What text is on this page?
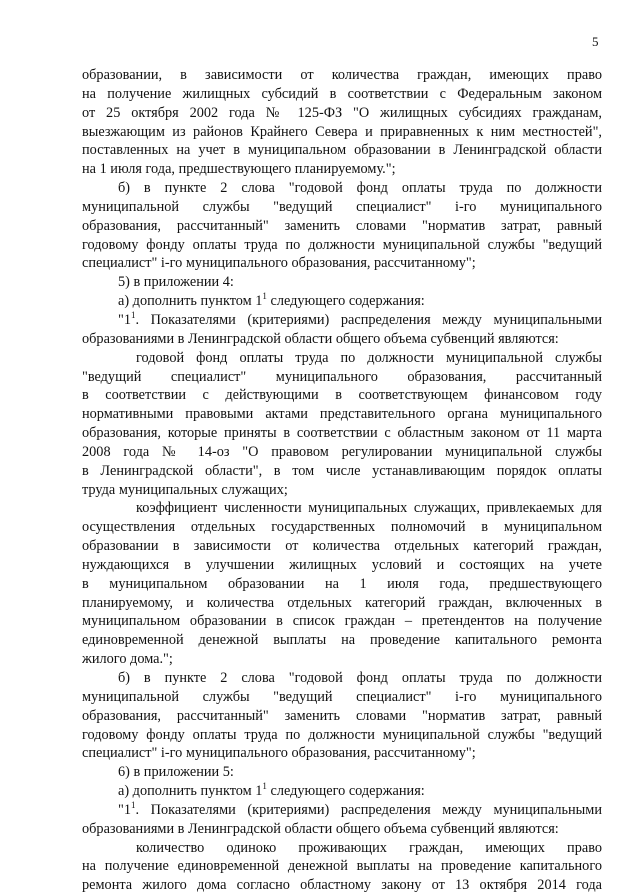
5
образовании, в зависимости от количества граждан, имеющих право
на получение жилищных субсидий в соответствии с Федеральным законом
от 25 октября 2002 года № 125-ФЗ "О жилищных субсидиях гражданам,
выезжающим из районов Крайнего Севера и приравненных к ним местностей",
поставленных на учет в муниципальном образовании в Ленинградской области
на 1 июля года, предшествующего планируемому.";
б) в пункте 2 слова "годовой фонд оплаты труда по должности
муниципальной службы "ведущий специалист" i-го муниципального
образования, рассчитанный" заменить словами "норматив затрат, равный
годовому фонду оплаты труда по должности муниципальной службы "ведущий
специалист" i-го муниципального образования, рассчитанному";
5) в приложении 4:
а) дополнить пунктом $1^1$ следующего содержания:
"$1^1$. Показателями (критериями) распределения между муниципальными
образованиями в Ленинградской области общего объема субвенций являются:
годовой фонд оплаты труда по должности муниципальной службы
"ведущий специалист" муниципального образования, рассчитанный
в соответствии с действующими в соответствующем финансовом году
нормативными правовыми актами представительного органа муниципального
образования, которые приняты в соответствии с областным законом от 11 марта
2008 года № 14-оз "О правовом регулировании муниципальной службы
в Ленинградской области", в том числе устанавливающим порядок оплаты
труда муниципальных служащих;
коэффициент численности муниципальных служащих, привлекаемых для
осуществления отдельных государственных полномочий в муниципальном
образовании в зависимости от количества отдельных категорий граждан,
нуждающихся в улучшении жилищных условий и состоящих на учете
в муниципальном образовании на 1 июля года, предшествующего
планируемому, и количества отдельных категорий граждан, включенных в
муниципальном образовании в список граждан – претендентов на получение
единовременной денежной выплаты на проведение капитального ремонта
жилого дома.";
б) в пункте 2 слова "годовой фонд оплаты труда по должности
муниципальной службы "ведущий специалист" i-го муниципального
образования, рассчитанный" заменить словами "норматив затрат, равный
годовому фонду оплаты труда по должности муниципальной службы "ведущий
специалист" i-го муниципального образования, рассчитанному";
6) в приложении 5:
а) дополнить пунктом $1^1$ следующего содержания:
"$1^1$. Показателями (критериями) распределения между муниципальными
образованиями в Ленинградской области общего объема субвенций являются:
количество одиноко проживающих граждан, имеющих право
на получение единовременной денежной выплаты на проведение капитального
ремонта жилого дома согласно областному закону от 13 октября 2014 года
